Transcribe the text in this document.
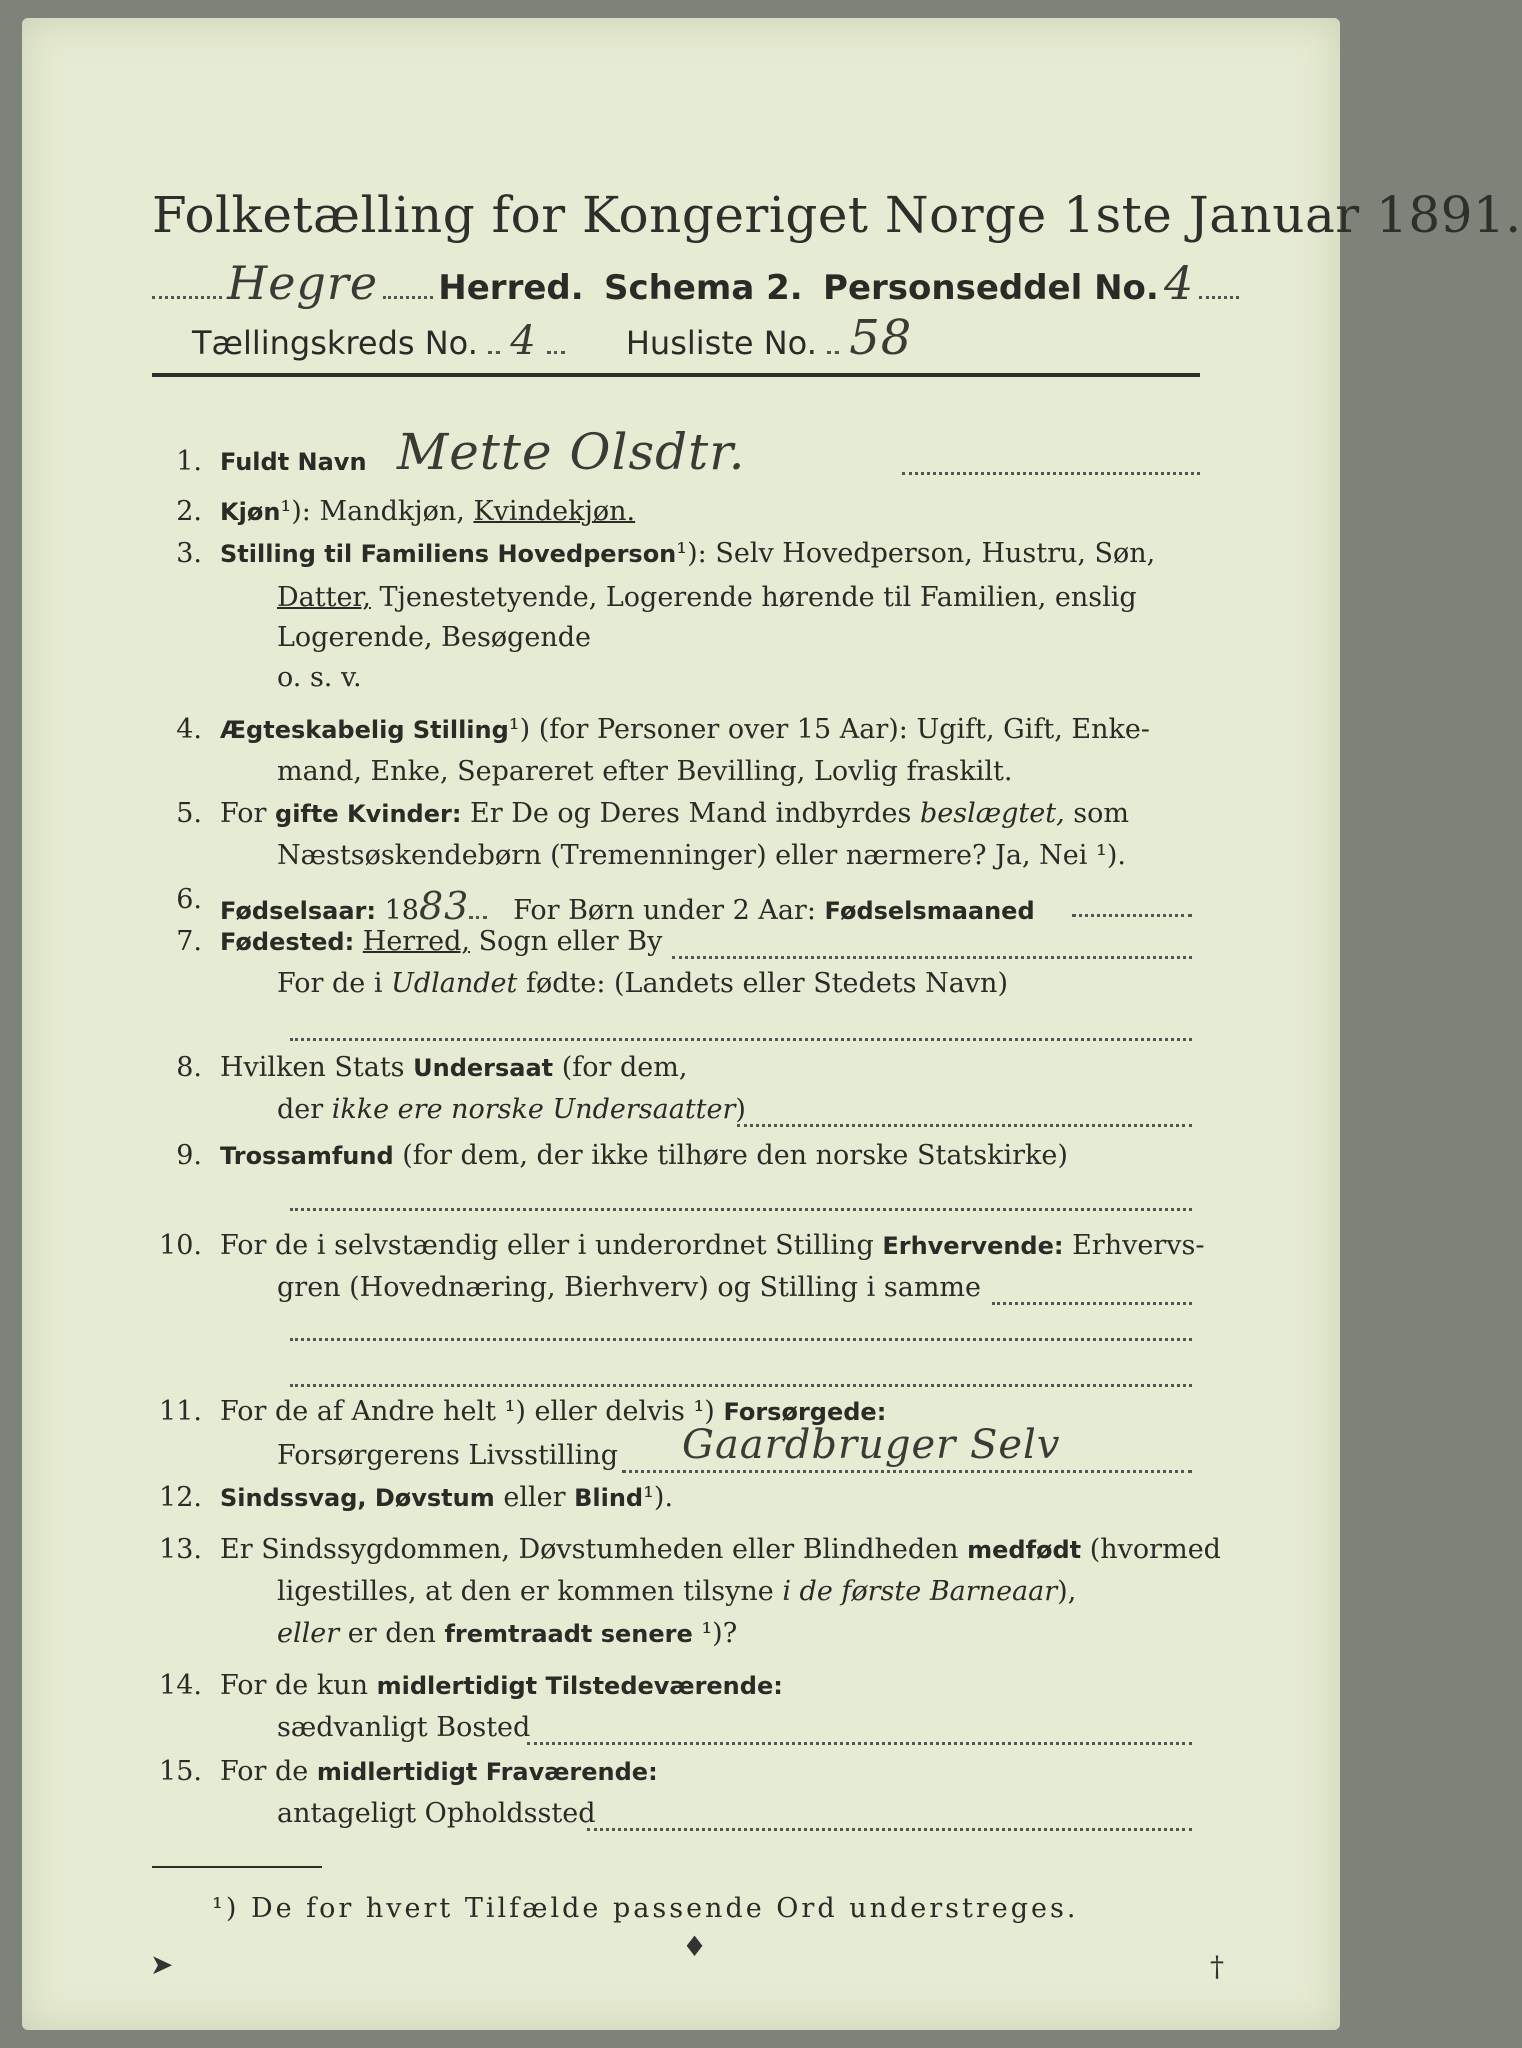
Folketælling for Kongeriget Norge 1ste Januar 1891.
Hegre Herred. Schema 2. Personseddel No. 4
Tællingskreds No. 4	Husliste No. 58
1. Fuldt Navn Mette Olsdtr.
2. Kjøn¹): Mandkjøn, Kvindekjøn.
3. Stilling til Familiens Hovedperson¹): Selv Hovedperson, Hustru, Søn,
Datter, Tjenestetyende, Logerende hørende til Familien, enslig
Logerende, Besøgende
o. s. v.
4. Ægteskabelig Stilling¹) (for Personer over 15 Aar): Ugift, Gift, Enke-
mand, Enke, Separeret efter Bevilling, Lovlig fraskilt.
5. For gifte Kvinder: Er De og Deres Mand indbyrdes beslægtet, som
Næstsøskendebørn (Tremenninger) eller nærmere? Ja, Nei ¹).
6. Fødselsaar: 1883 For Børn under 2 Aar: Fødselsmaaned
7. Fødested: Herred, Sogn eller By
For de i Udlandet fødte: (Landets eller Stedets Navn)
8. Hvilken Stats Undersaat (for dem,
der ikke ere norske Undersaatter)
9. Trossamfund (for dem, der ikke tilhøre den norske Statskirke)
10. For de i selvstændig eller i underordnet Stilling Erhvervende: Erhvervs-
gren (Hovednæring, Bierhverv) og Stilling i samme
11. For de af Andre helt ¹) eller delvis ¹) Forsørgede:
Forsørgerens Livsstilling Gaardbruger Selv
12. Sindssvag, Døvstum eller Blind¹).
13. Er Sindssygdommen, Døvstumheden eller Blindheden medfødt (hvormed
ligestilles, at den er kommen tilsyne i de første Barneaar),
eller er den fremtraadt senere ¹)?
14. For de kun midlertidigt Tilstedeværende:
sædvanligt Bosted
15. For de midlertidigt Fraværende:
antageligt Opholdssted
¹) De for hvert Tilfælde passende Ord understreges.
➤
♦
†
